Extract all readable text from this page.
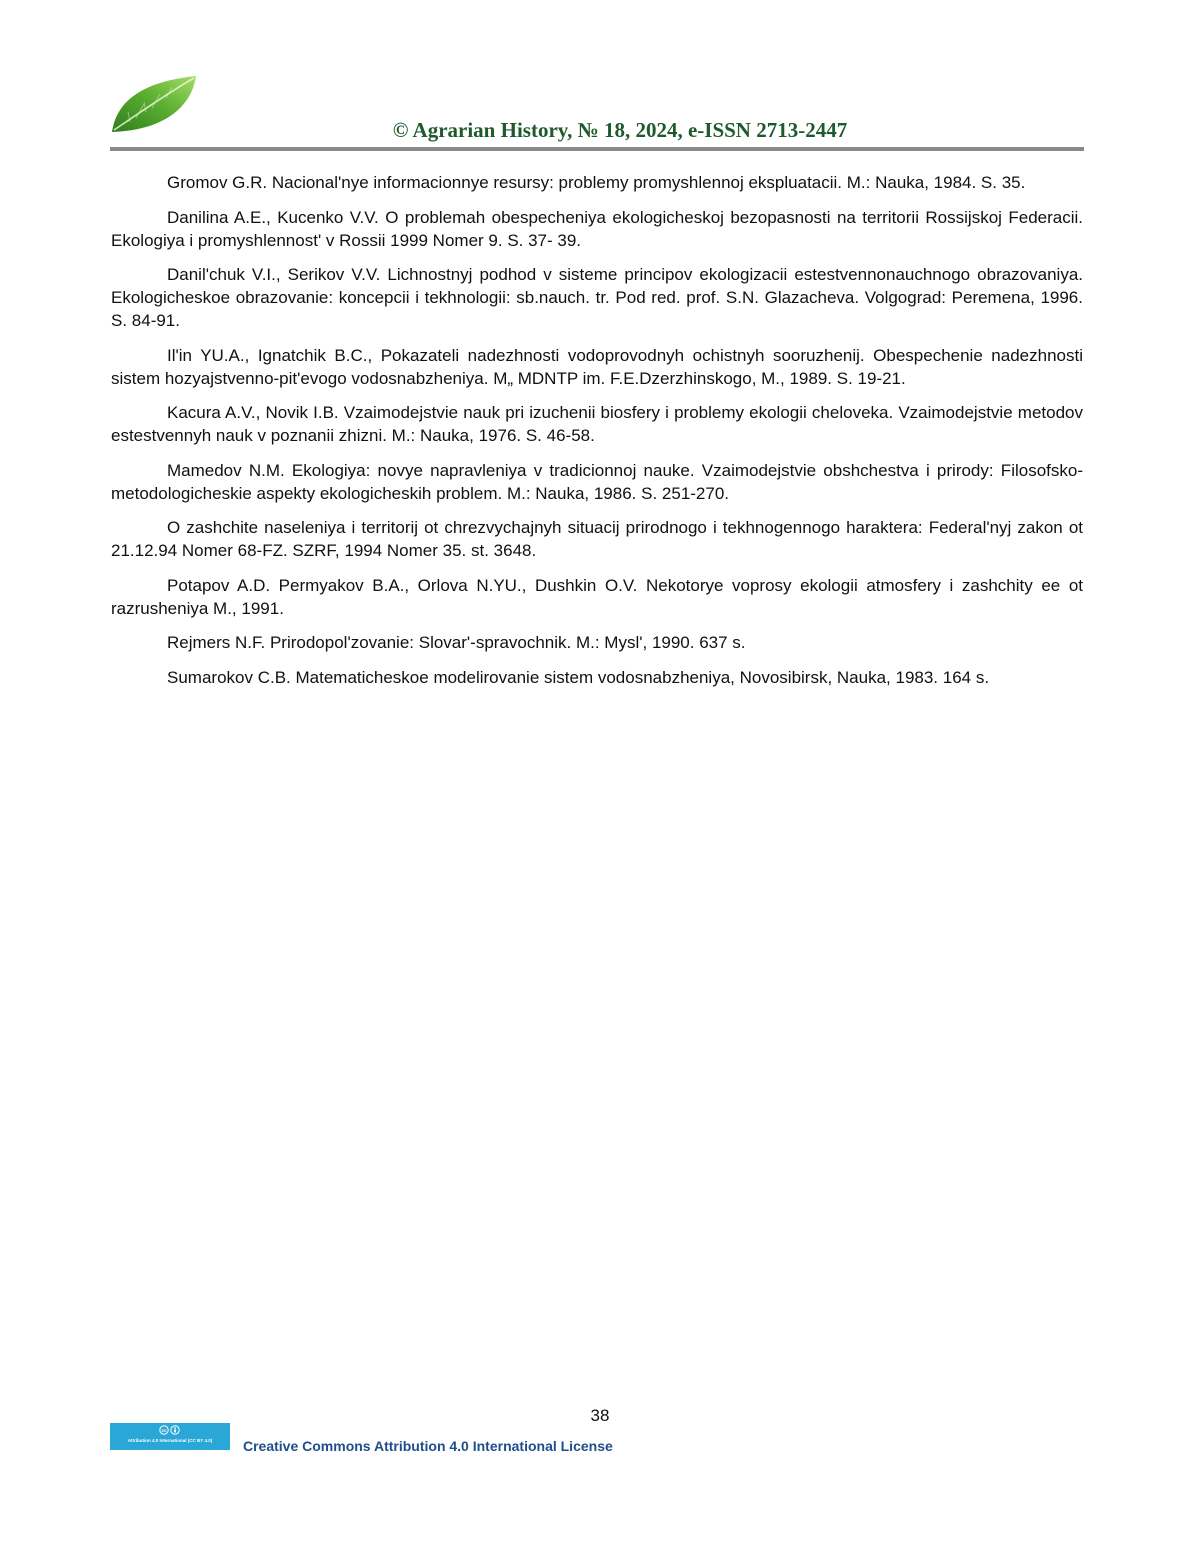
© Agrarian History, № 18, 2024, e-ISSN 2713-2447

Gromov G.R. Nacional'nye informacionnye resursy: problemy promyshlennoj ekspluatacii. M.: Nauka, 1984. S. 35.

Danilina A.E., Kucenko V.V. O problemah obespecheniya ekologicheskoj bezopasnosti na territorii Rossijskoj Federacii. Ekologiya i promyshlennost' v Rossii 1999 Nomer 9. S. 37- 39.

Danil'chuk V.I., Serikov V.V. Lichnostnyj podhod v sisteme principov ekologizacii estestvennonauchnogo obrazovaniya. Ekologicheskoe obrazovanie: koncepcii i tekhnologii: sb.nauch. tr. Pod red. prof. S.N. Glazacheva. Volgograd: Peremena, 1996. S. 84-91.

Il'in YU.A., Ignatchik B.C., Pokazateli nadezhnosti vodoprovodnyh ochistnyh sooruzhenij. Obespechenie nadezhnosti sistem hozyajstvenno-pit'evogo vodosnabzheniya. M„ MDNTP im. F.E.Dzerzhinskogo, M., 1989. S. 19-21.

Kacura A.V., Novik I.B. Vzaimodejstvie nauk pri izuchenii biosfery i problemy ekologii cheloveka. Vzaimodejstvie metodov estestvennyh nauk v poznanii zhizni. M.: Nauka, 1976. S. 46-58.

Mamedov N.M. Ekologiya: novye napravleniya v tradicionnoj nauke. Vzaimodejstvie obshchestva i prirody: Filosofsko-metodologicheskie aspekty ekologicheskih problem. M.: Nauka, 1986. S. 251-270.

O zashchite naseleniya i territorij ot chrezvychajnyh situacij prirodnogo i tekhnogennogo haraktera: Federal'nyj zakon ot 21.12.94 Nomer 68-FZ. SZRF, 1994 Nomer 35. st. 3648.

Potapov A.D. Permyakov B.A., Orlova N.YU., Dushkin O.V. Nekotorye voprosy ekologii atmosfery i zashchity ee ot razrusheniya M., 1991.

Rejmers N.F. Prirodopol'zovanie: Slovar'-spravochnik. M.: Mysl', 1990. 637 s.

Sumarokov C.B. Matematicheskoe modelirovanie sistem vodosnabzheniya, Novosibirsk, Nauka, 1983. 164 s.

38
cc
Attribution 4.0 International (CC BY 4.0)	Creative Commons Attribution 4.0 International License
